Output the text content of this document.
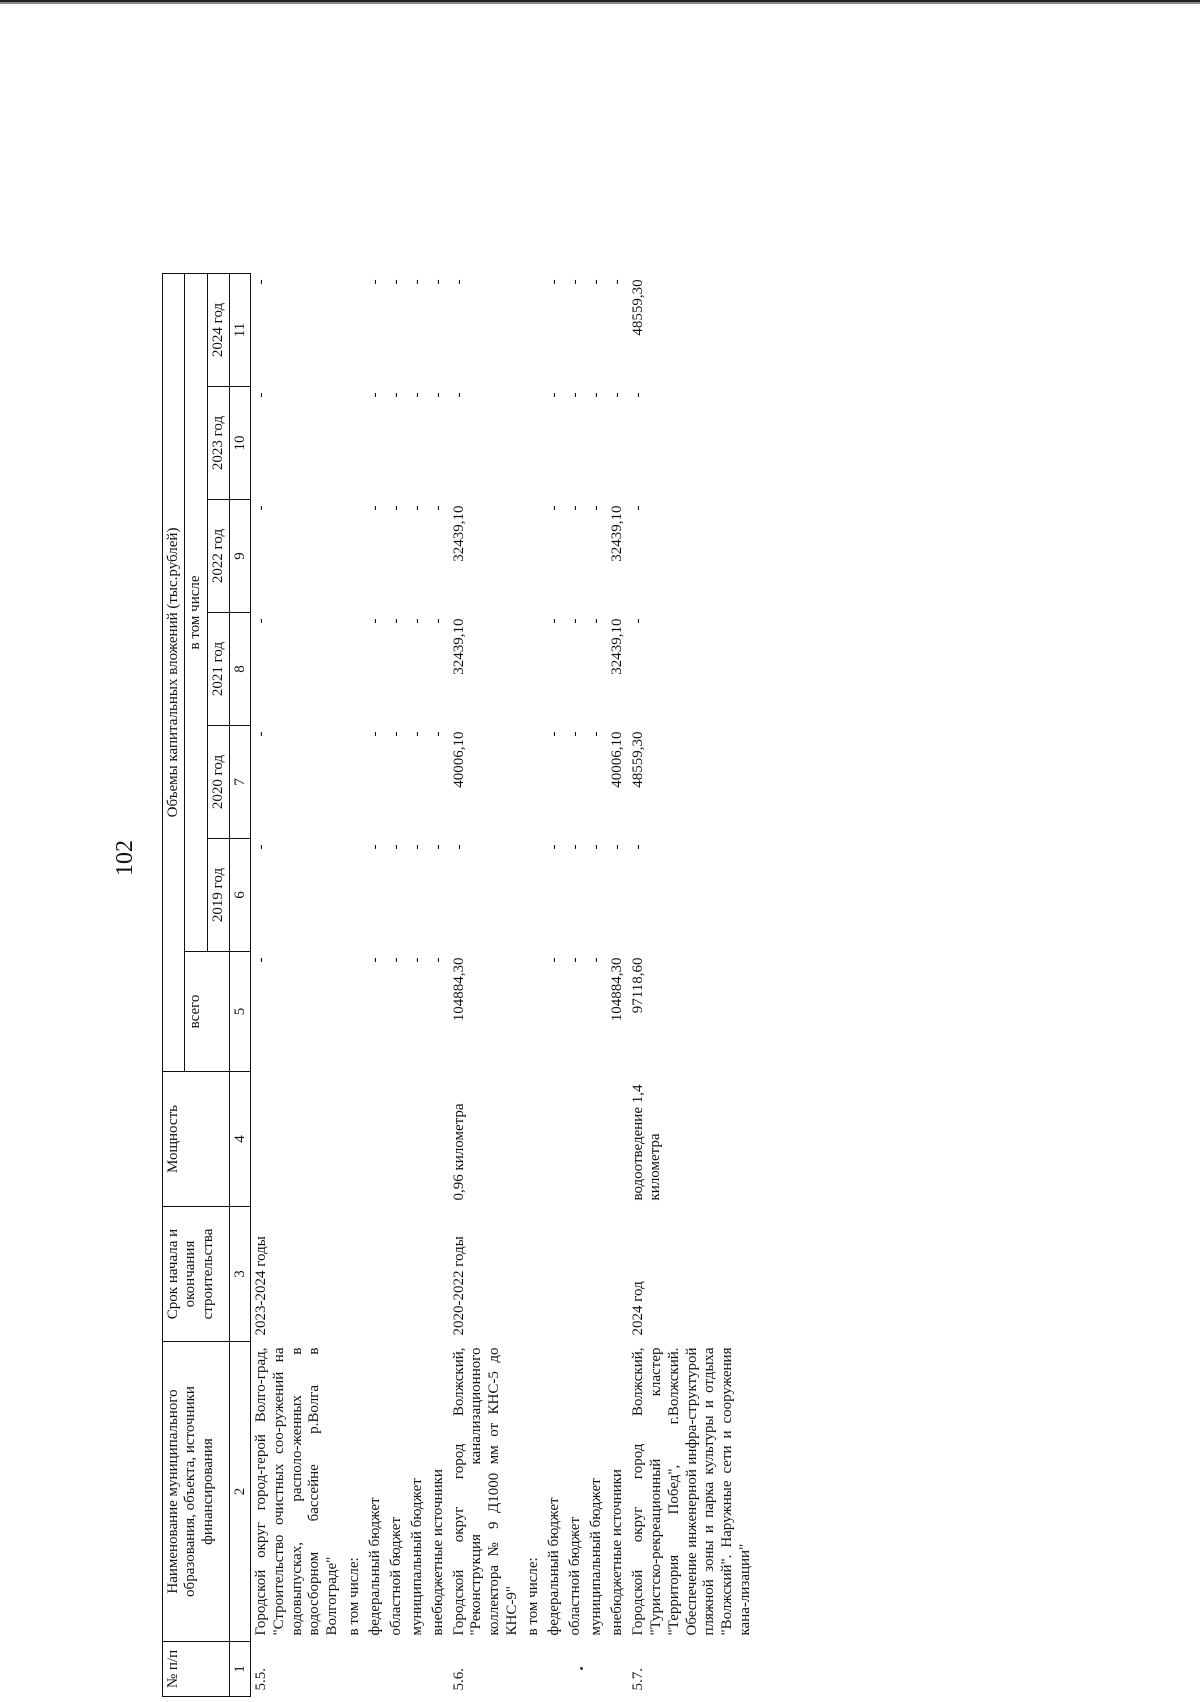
102
№ п/п	Наименование муниципального образования, объекта, источники финансирования	Срок начала и окончания строительства	Мощность	Объемы капитальных вложений (тыс.рублей)							
				всего	в том числе						
					2019 год	2020 год	2021 год	2022 год	2023 год	2024 год	
1	2	3	4	5	6	7	8	9	10	11	
5.5.	Городской округ город-герой Волго-град, "Строительство очистных соо-ружений на водовыпусках, располо-женных в водосборном бассейне р.Волга в Волгограде"	2023-2024 годы		-	-	-	-	-	-	-	
	в том числе:										
	федеральный бюджет			-	-	-	-	-	-	-	
	областной бюджет			-	-	-	-	-	-	-	
	муниципальный бюджет			-	-	-	-	-	-	-	
	внебюджетные источники			-	-	-	-	-	-	-	
5.6.	Городской округ город Волжский, "Реконструкция канализационного коллектора № 9 Д1000 мм от КНС-5 до КНС-9"	2020-2022 годы	0,96 километра	104884,30	-	40006,10	32439,10	32439,10	-	-	
	в том числе:										
	федеральный бюджет			-	-	-	-	-	-	-	
	областной бюджет			-	-	-	-	-	-	-	
	муниципальный бюджет			-	-	-	-	-	-	-	
	внебюджетные источники			104884,30	-	40006,10	32439,10	32439,10	-	-	
5.7.	Городской округ город Волжский, "Туристско-рекреационный кластер "Территория Побед", г.Волжский. Обеспечение инженерной инфра-структурой пляжной зоны и парка культуры и отдыха "Волжский". Наружные сети и сооружения кана-лизации"	2024 год	водоотведение 1,4 километра	97118,60	-	48559,30	-	-	-	48559,30	
